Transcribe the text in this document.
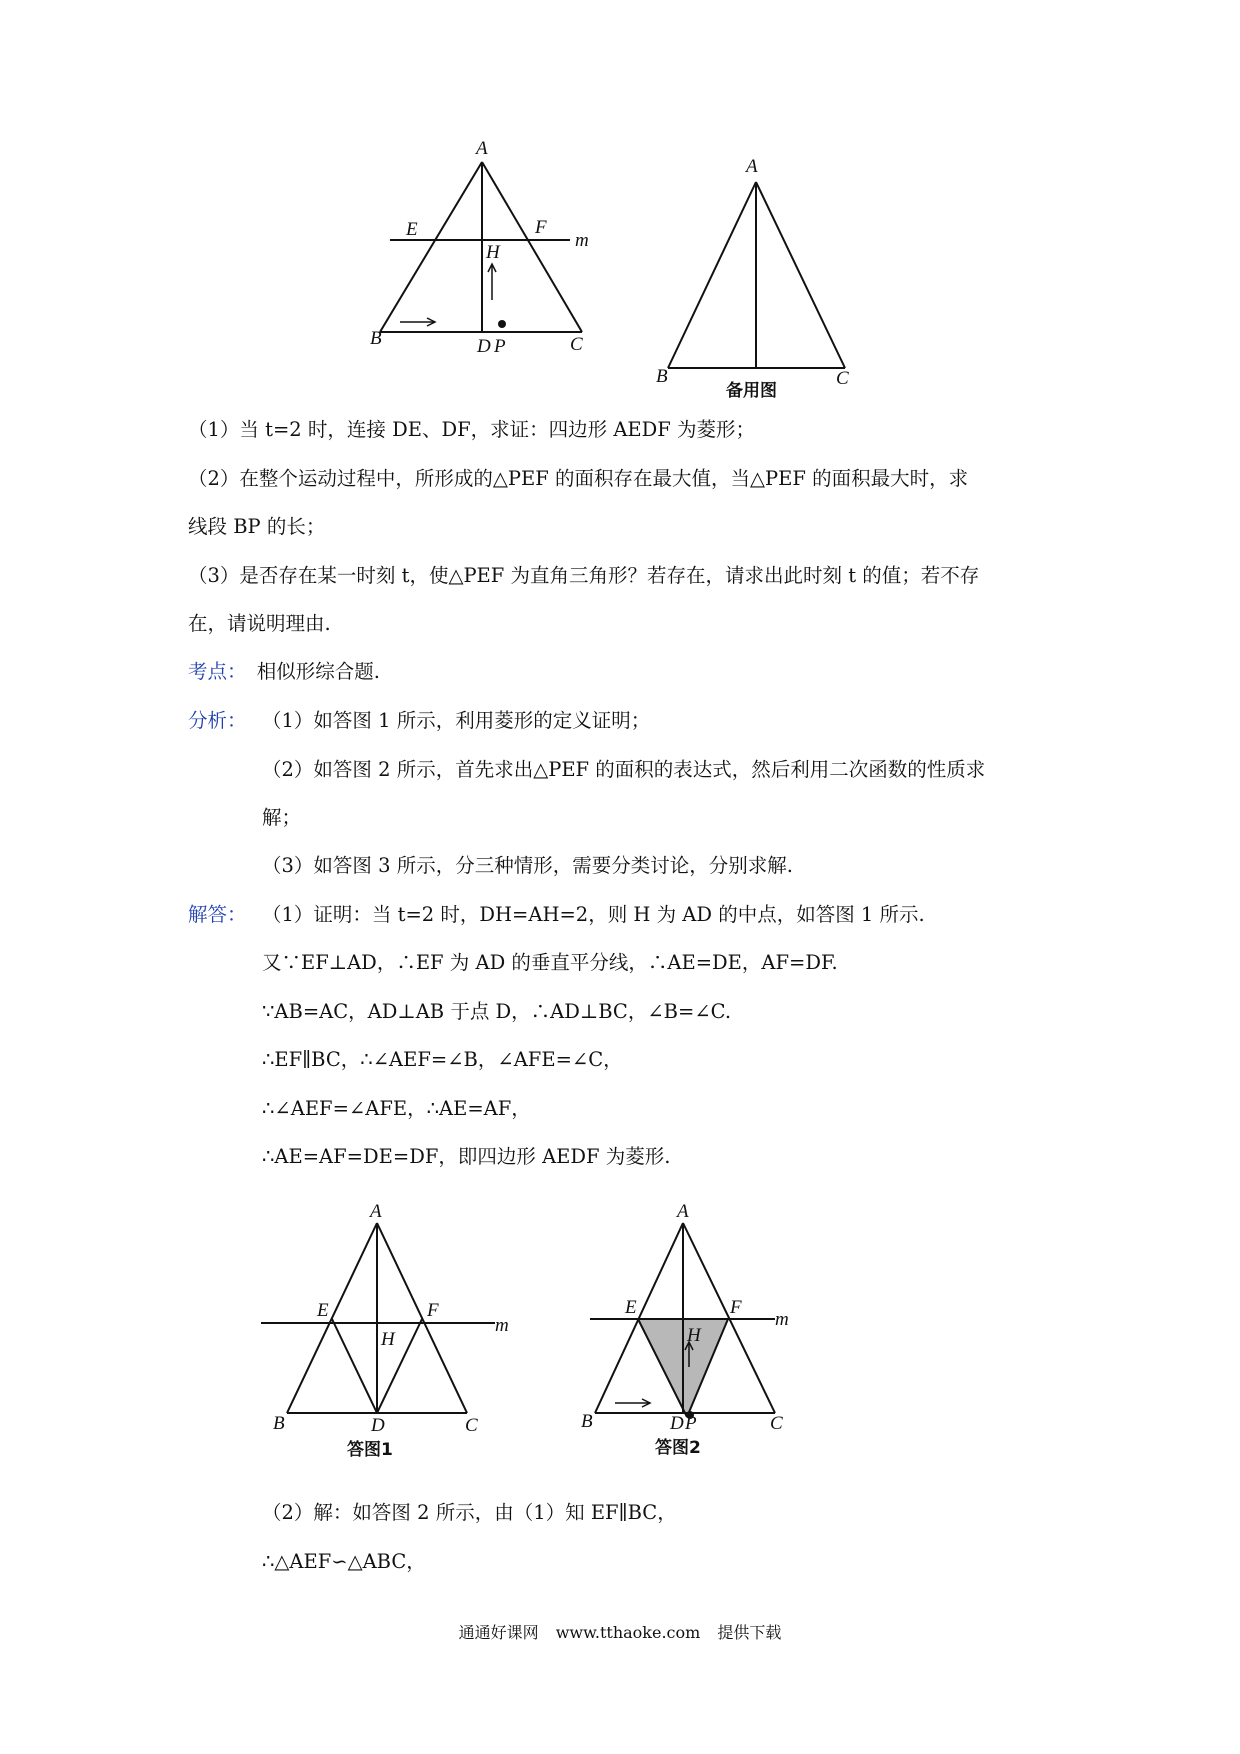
A
E	F
m
H
B	D P	C
A
B	C
备用图
（1）当 t=2 时，连接 DE、DF，求证：四边形 AEDF 为菱形；
（2）在整个运动过程中，所形成的△PEF 的面积存在最大值，当△PEF 的面积最大时，求
线段 BP 的长；
（3）是否存在某一时刻 t，使△PEF 为直角三角形？若存在，请求出此时刻 t 的值；若不存
在，请说明理由.
考点： 相似形综合题.
分析： （1）如答图 1 所示，利用菱形的定义证明；
（2）如答图 2 所示，首先求出△PEF 的面积的表达式，然后利用二次函数的性质求
解；
（3）如答图 3 所示，分三种情形，需要分类讨论，分别求解.
解答： （1）证明：当 t=2 时，DH=AH=2，则 H 为 AD 的中点，如答图 1 所示.
又∵EF⊥AD，∴EF 为 AD 的垂直平分线，∴AE=DE，AF=DF.
∵AB=AC，AD⊥AB 于点 D，∴AD⊥BC，∠B=∠C.
∴EF∥BC，∴∠AEF=∠B，∠AFE=∠C，
∴∠AEF=∠AFE，∴AE=AF，
∴AE=AF=DE=DF，即四边形 AEDF 为菱形.
A
E	F
m
H
B	D	C
答图1
A
E	F
m
H
B	D P	C
答图2
（2）解：如答图 2 所示，由（1）知 EF∥BC，
∴△AEF∽△ABC，
通通好课网 www.tthaoke.com 提供下载
